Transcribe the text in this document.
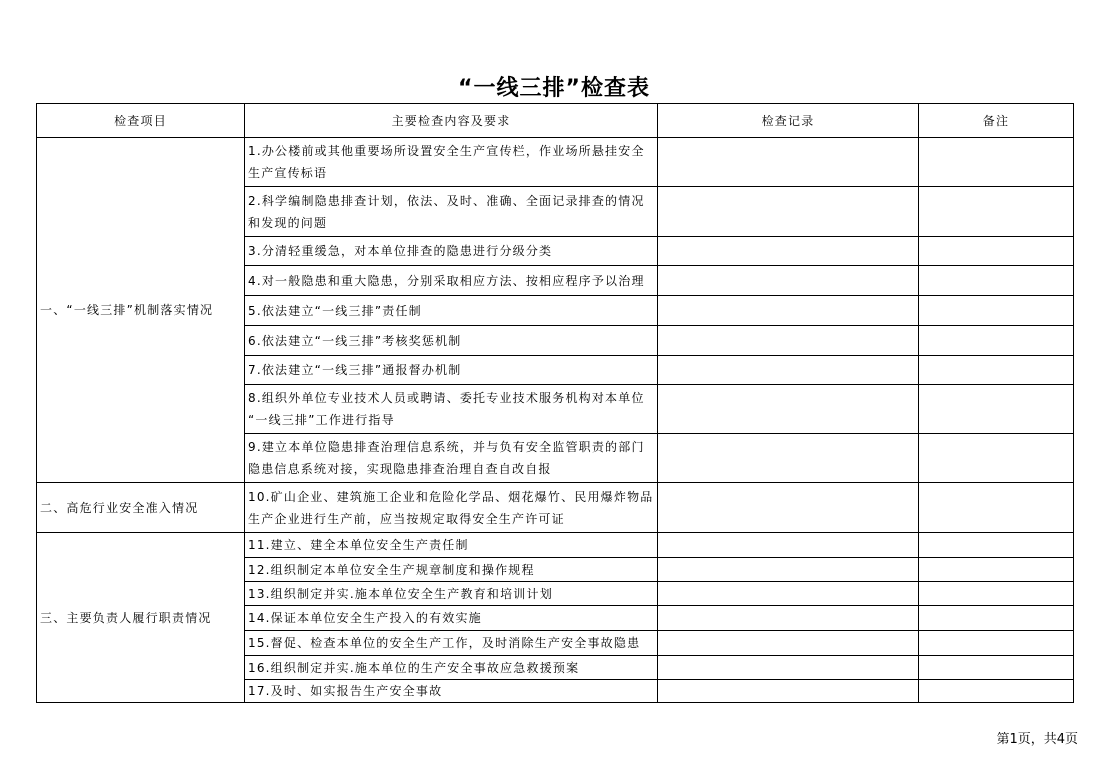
“一线三排”检查表
检查项目	主要检查内容及要求	检查记录	备注
一、“一线三排”机制落实情况	1.办公楼前或其他重要场所设置安全生产宣传栏，作业场所悬挂安全
生产宣传标语		
	2.科学编制隐患排查计划，依法、及时、准确、全面记录排查的情况
和发现的问题		
	3.分清轻重缓急，对本单位排查的隐患进行分级分类		
	4.对一般隐患和重大隐患，分别采取相应方法、按相应程序予以治理		
	5.依法建立“一线三排”责任制		
	6.依法建立“一线三排”考核奖惩机制		
	7.依法建立“一线三排”通报督办机制		
	8.组织外单位专业技术人员或聘请、委托专业技术服务机构对本单位
“一线三排”工作进行指导		
	9.建立本单位隐患排查治理信息系统，并与负有安全监管职责的部门
隐患信息系统对接，实现隐患排查治理自查自改自报		
二、高危行业安全准入情况	10.矿山企业、建筑施工企业和危险化学品、烟花爆竹、民用爆炸物品
生产企业进行生产前，应当按规定取得安全生产许可证		
三、主要负责人履行职责情况	11.建立、建全本单位安全生产责任制		
	12.组织制定本单位安全生产规章制度和操作规程		
	13.组织制定并实.施本单位安全生产教育和培训计划		
	14.保证本单位安全生产投入的有效实施		
	15.督促、检查本单位的安全生产工作，及时消除生产安全事故隐患		
	16.组织制定并实.施本单位的生产安全事故应急救援预案		
	17.及时、如实报告生产安全事故		
第1页，共4页
